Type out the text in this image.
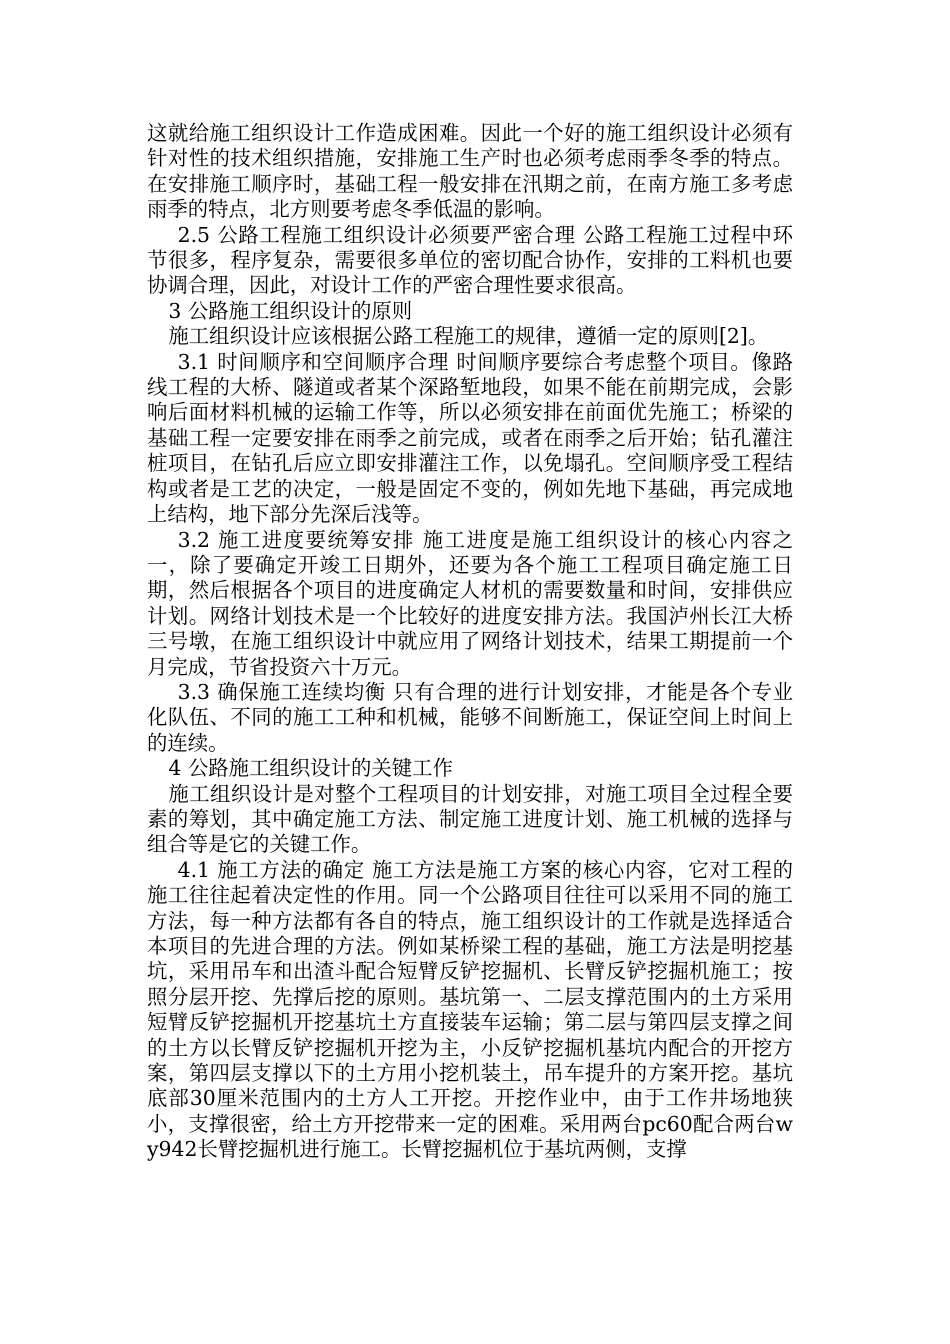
这就给施工组织设计工作造成困难。因此一个好的施工组织设计必须有针对性的技术组织措施，安排施工生产时也必须考虑雨季冬季的特点。在安排施工顺序时，基础工程一般安排在汛期之前，在南方施工多考虑雨季的特点，北方则要考虑冬季低温的影响。

2.5 公路工程施工组织设计必须要严密合理 公路工程施工过程中环节很多，程序复杂，需要很多单位的密切配合协作，安排的工料机也要协调合理，因此，对设计工作的严密合理性要求很高。

3 公路施工组织设计的原则

施工组织设计应该根据公路工程施工的规律，遵循一定的原则[2]。

3.1 时间顺序和空间顺序合理 时间顺序要综合考虑整个项目。像路线工程的大桥、隧道或者某个深路堑地段，如果不能在前期完成，会影响后面材料机械的运输工作等，所以必须安排在前面优先施工；桥梁的基础工程一定要安排在雨季之前完成，或者在雨季之后开始；钻孔灌注桩项目，在钻孔后应立即安排灌注工作，以免塌孔。空间顺序受工程结构或者是工艺的决定，一般是固定不变的，例如先地下基础，再完成地上结构，地下部分先深后浅等。

3.2 施工进度要统筹安排 施工进度是施工组织设计的核心内容之一，除了要确定开竣工日期外，还要为各个施工工程项目确定施工日期，然后根据各个项目的进度确定人材机的需要数量和时间，安排供应计划。网络计划技术是一个比较好的进度安排方法。我国泸州长江大桥三号墩，在施工组织设计中就应用了网络计划技术，结果工期提前一个月完成，节省投资六十万元。

3.3 确保施工连续均衡 只有合理的进行计划安排，才能是各个专业化队伍、不同的施工工种和机械，能够不间断施工，保证空间上时间上的连续。

4 公路施工组织设计的关键工作

施工组织设计是对整个工程项目的计划安排，对施工项目全过程全要素的筹划，其中确定施工方法、制定施工进度计划、施工机械的选择与组合等是它的关键工作。

4.1 施工方法的确定 施工方法是施工方案的核心内容，它对工程的施工往往起着决定性的作用。同一个公路项目往往可以采用不同的施工方法，每一种方法都有各自的特点，施工组织设计的工作就是选择适合本项目的先进合理的方法。例如某桥梁工程的基础，施工方法是明挖基坑，采用吊车和出渣斗配合短臂反铲挖掘机、长臂反铲挖掘机施工；按照分层开挖、先撑后挖的原则。基坑第一、二层支撑范围内的土方采用短臂反铲挖掘机开挖基坑土方直接装车运输；第二层与第四层支撑之间的土方以长臂反铲挖掘机开挖为主，小反铲挖掘机基坑内配合的开挖方案，第四层支撑以下的土方用小挖机装土，吊车提升的方案开挖。基坑底部30厘米范围内的土方人工开挖。开挖作业中，由于工作井场地狭小，支撑很密，给土方开挖带来一定的困难。采用两台pc60配合两台wy942长臂挖掘机进行施工。长臂挖掘机位于基坑两侧，支撑
